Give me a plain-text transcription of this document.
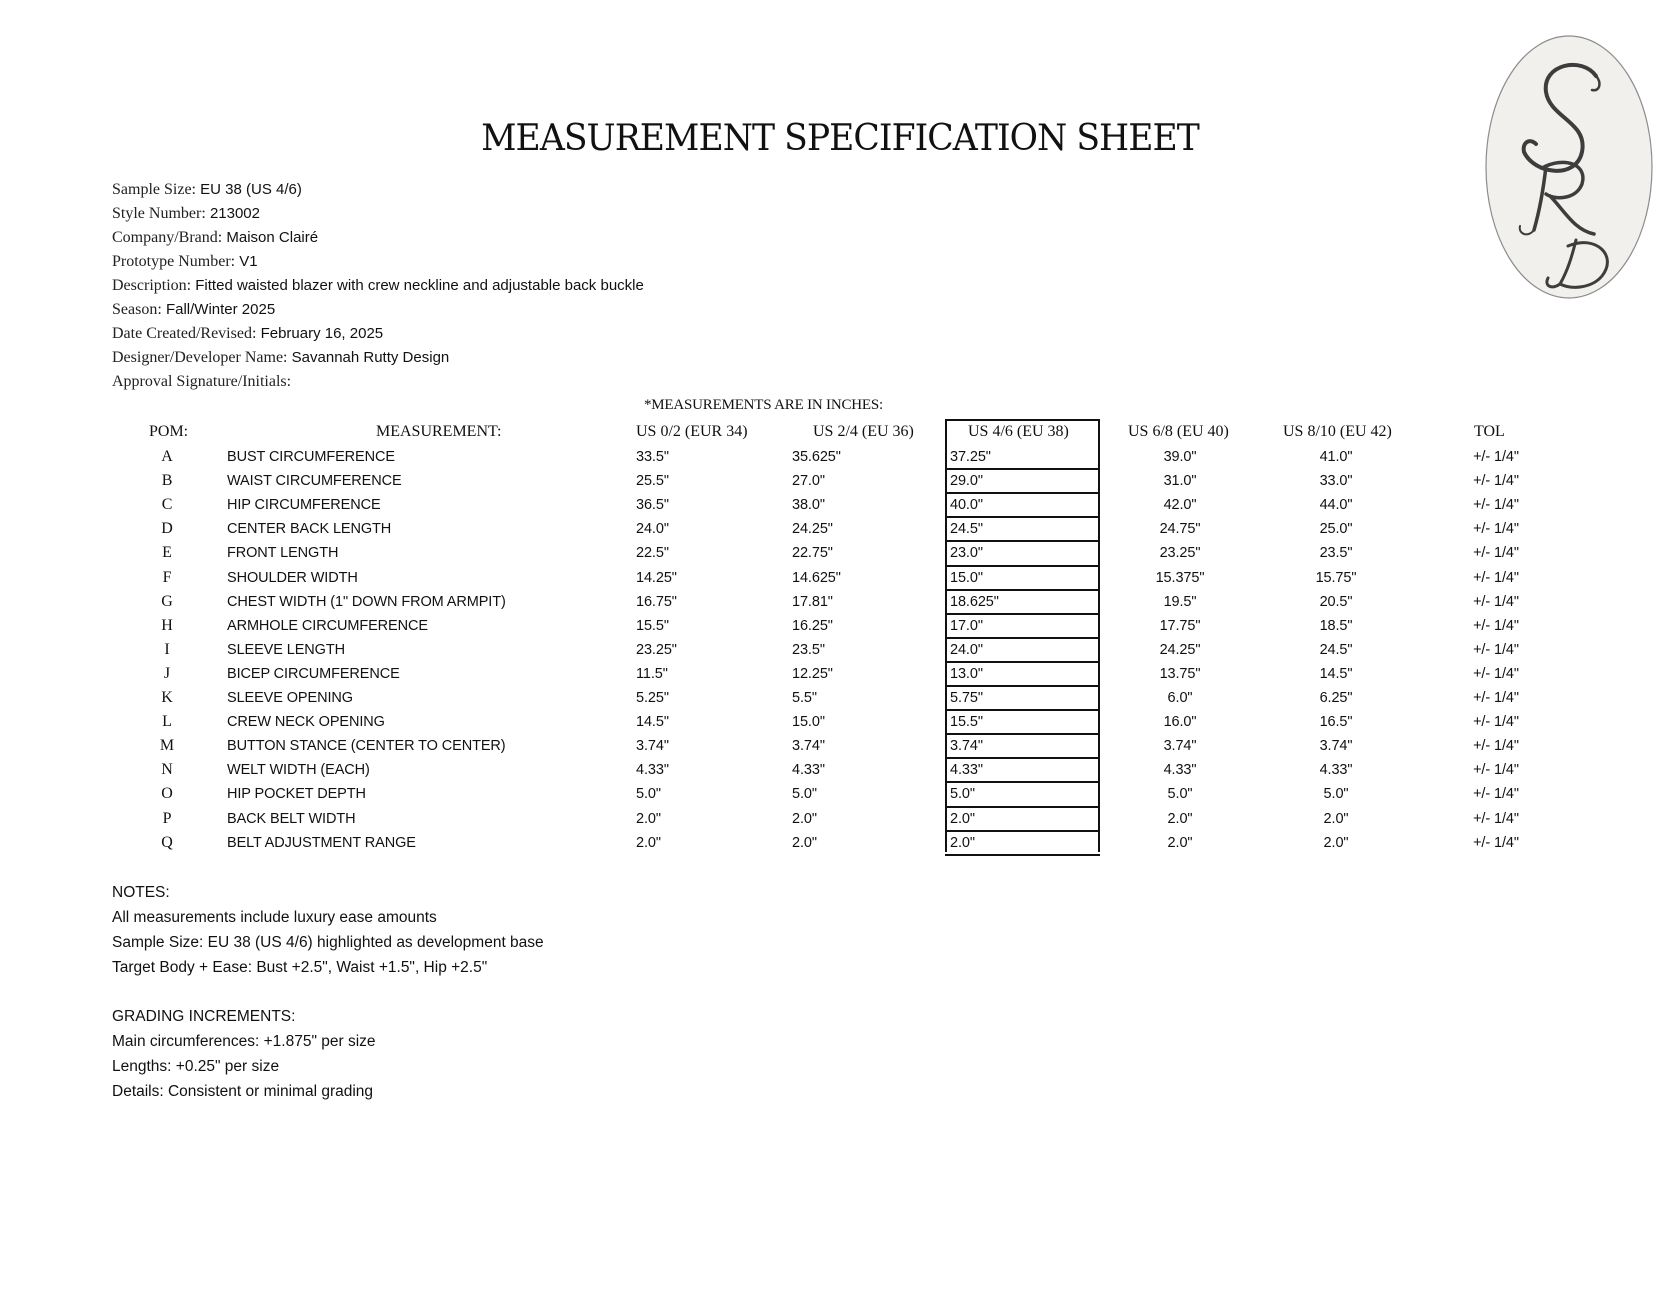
MEASUREMENT SPECIFICATION SHEET
Sample Size: EU 38 (US 4/6)
Style Number: 213002
Company/Brand: Maison Clairé
Prototype Number: V1
Description: Fitted waisted blazer with crew neckline and adjustable back buckle
Season: Fall/Winter 2025
Date Created/Revised: February 16, 2025
Designer/Developer Name: Savannah Rutty Design
Approval Signature/Initials:
*MEASUREMENTS ARE IN INCHES:
POM:	MEASUREMENT:	US 0/2 (EUR 34)	US 2/4 (EU 36)	US 4/6 (EU 38)	US 6/8 (EU 40)	US 8/10 (EU 42)	TOL
A	BUST CIRCUMFERENCE	33.5"	35.625"	37.25"	39.0"	41.0"	+/- 1/4"
B	WAIST CIRCUMFERENCE	25.5"	27.0"	29.0"	31.0"	33.0"	+/- 1/4"
C	HIP CIRCUMFERENCE	36.5"	38.0"	40.0"	42.0"	44.0"	+/- 1/4"
D	CENTER BACK LENGTH	24.0"	24.25"	24.5"	24.75"	25.0"	+/- 1/4"
E	FRONT LENGTH	22.5"	22.75"	23.0"	23.25"	23.5"	+/- 1/4"
F	SHOULDER WIDTH	14.25"	14.625"	15.0"	15.375"	15.75"	+/- 1/4"
G	CHEST WIDTH (1" DOWN FROM ARMPIT)	16.75"	17.81"	18.625"	19.5"	20.5"	+/- 1/4"
H	ARMHOLE CIRCUMFERENCE	15.5"	16.25"	17.0"	17.75"	18.5"	+/- 1/4"
I	SLEEVE LENGTH	23.25"	23.5"	24.0"	24.25"	24.5"	+/- 1/4"
J	BICEP CIRCUMFERENCE	11.5"	12.25"	13.0"	13.75"	14.5"	+/- 1/4"
K	SLEEVE OPENING	5.25"	5.5"	5.75"	6.0"	6.25"	+/- 1/4"
L	CREW NECK OPENING	14.5"	15.0"	15.5"	16.0"	16.5"	+/- 1/4"
M	BUTTON STANCE (CENTER TO CENTER)	3.74"	3.74"	3.74"	3.74"	3.74"	+/- 1/4"
N	WELT WIDTH (EACH)	4.33"	4.33"	4.33"	4.33"	4.33"	+/- 1/4"
O	HIP POCKET DEPTH	5.0"	5.0"	5.0"	5.0"	5.0"	+/- 1/4"
P	BACK BELT WIDTH	2.0"	2.0"	2.0"	2.0"	2.0"	+/- 1/4"
Q	BELT ADJUSTMENT RANGE	2.0"	2.0"	2.0"	2.0"	2.0"	+/- 1/4"
NOTES:
All measurements include luxury ease amounts
Sample Size: EU 38 (US 4/6) highlighted as development base
Target Body + Ease: Bust +2.5", Waist +1.5", Hip +2.5"
GRADING INCREMENTS:
Main circumferences: +1.875" per size
Lengths: +0.25" per size
Details: Consistent or minimal grading
